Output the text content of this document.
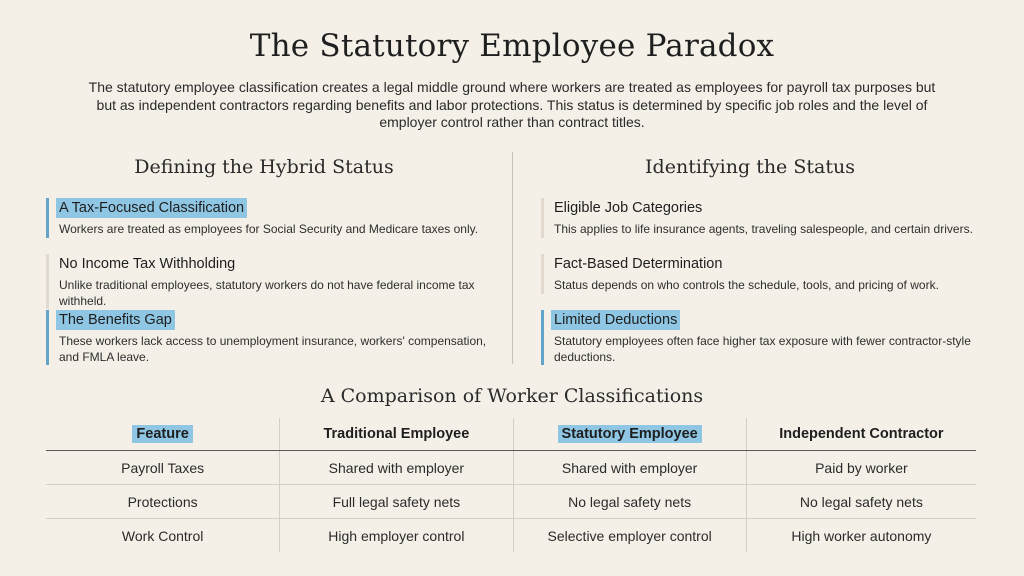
The Statutory Employee Paradox
The statutory employee classification creates a legal middle ground where workers are treated as employees for payroll tax purposes but
but as independent contractors regarding benefits and labor protections. This status is determined by specific job roles and the level of
employer control rather than contract titles.
Defining the Hybrid Status	Identifying the Status
A Tax-Focused Classification
Workers are treated as employees for Social Security and Medicare taxes only.
No Income Tax Withholding
Unlike traditional employees, statutory workers do not have federal income tax withheld.
The Benefits Gap
These workers lack access to unemployment insurance, workers' compensation, and FMLA leave.
Eligible Job Categories
This applies to life insurance agents, traveling salespeople, and certain drivers.
Fact-Based Determination
Status depends on who controls the schedule, tools, and pricing of work.
Limited Deductions
Statutory employees often face higher tax exposure with fewer contractor-style deductions.
A Comparison of Worker Classifications
Feature	Traditional Employee	Statutory Employee	Independent Contractor
Payroll Taxes	Shared with employer	Shared with employer	Paid by worker
Protections	Full legal safety nets	No legal safety nets	No legal safety nets
Work Control	High employer control	Selective employer control	High worker autonomy
